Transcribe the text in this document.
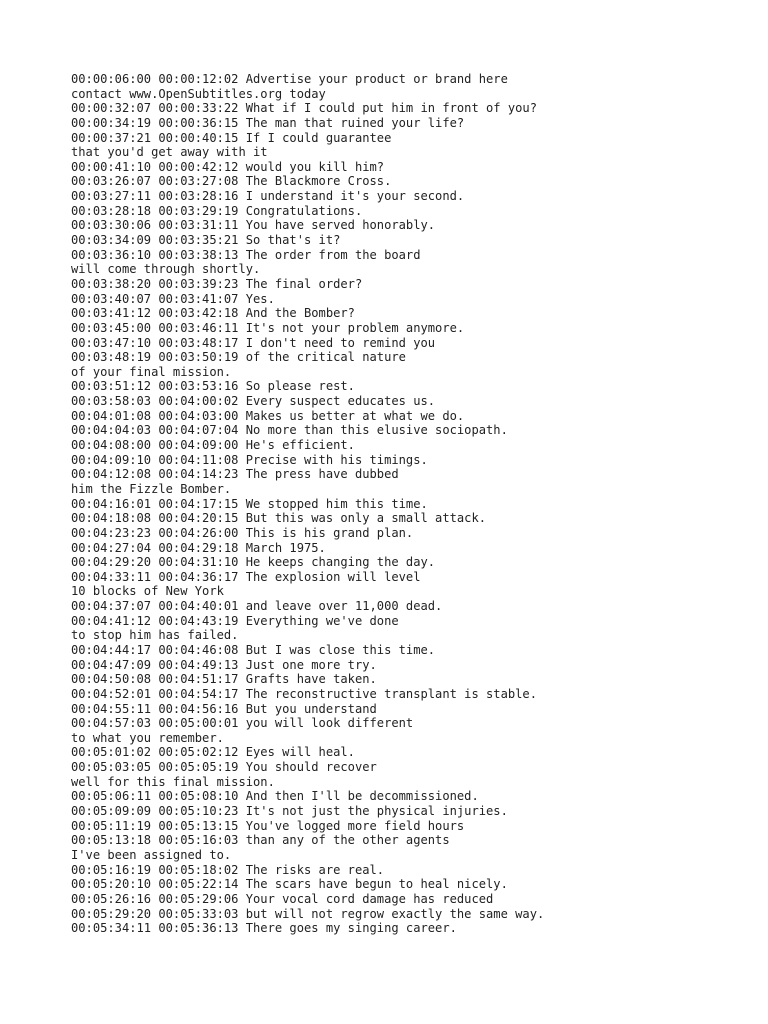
00:00:06:00 00:00:12:02 Advertise your product or brand here
contact www.OpenSubtitles.org today
00:00:32:07 00:00:33:22 What if I could put him in front of you?
00:00:34:19 00:00:36:15 The man that ruined your life?
00:00:37:21 00:00:40:15 If I could guarantee
that you'd get away with it
00:00:41:10 00:00:42:12 would you kill him?
00:03:26:07 00:03:27:08 The Blackmore Cross.
00:03:27:11 00:03:28:16 I understand it's your second.
00:03:28:18 00:03:29:19 Congratulations.
00:03:30:06 00:03:31:11 You have served honorably.
00:03:34:09 00:03:35:21 So that's it?
00:03:36:10 00:03:38:13 The order from the board
will come through shortly.
00:03:38:20 00:03:39:23 The final order?
00:03:40:07 00:03:41:07 Yes.
00:03:41:12 00:03:42:18 And the Bomber?
00:03:45:00 00:03:46:11 It's not your problem anymore.
00:03:47:10 00:03:48:17 I don't need to remind you
00:03:48:19 00:03:50:19 of the critical nature
of your final mission.
00:03:51:12 00:03:53:16 So please rest.
00:03:58:03 00:04:00:02 Every suspect educates us.
00:04:01:08 00:04:03:00 Makes us better at what we do.
00:04:04:03 00:04:07:04 No more than this elusive sociopath.
00:04:08:00 00:04:09:00 He's efficient.
00:04:09:10 00:04:11:08 Precise with his timings.
00:04:12:08 00:04:14:23 The press have dubbed
him the Fizzle Bomber.
00:04:16:01 00:04:17:15 We stopped him this time.
00:04:18:08 00:04:20:15 But this was only a small attack.
00:04:23:23 00:04:26:00 This is his grand plan.
00:04:27:04 00:04:29:18 March 1975.
00:04:29:20 00:04:31:10 He keeps changing the day.
00:04:33:11 00:04:36:17 The explosion will level
10 blocks of New York
00:04:37:07 00:04:40:01 and leave over 11,000 dead.
00:04:41:12 00:04:43:19 Everything we've done
to stop him has failed.
00:04:44:17 00:04:46:08 But I was close this time.
00:04:47:09 00:04:49:13 Just one more try.
00:04:50:08 00:04:51:17 Grafts have taken.
00:04:52:01 00:04:54:17 The reconstructive transplant is stable.
00:04:55:11 00:04:56:16 But you understand
00:04:57:03 00:05:00:01 you will look different
to what you remember.
00:05:01:02 00:05:02:12 Eyes will heal.
00:05:03:05 00:05:05:19 You should recover
well for this final mission.
00:05:06:11 00:05:08:10 And then I'll be decommissioned.
00:05:09:09 00:05:10:23 It's not just the physical injuries.
00:05:11:19 00:05:13:15 You've logged more field hours
00:05:13:18 00:05:16:03 than any of the other agents
I've been assigned to.
00:05:16:19 00:05:18:02 The risks are real.
00:05:20:10 00:05:22:14 The scars have begun to heal nicely.
00:05:26:16 00:05:29:06 Your vocal cord damage has reduced
00:05:29:20 00:05:33:03 but will not regrow exactly the same way.
00:05:34:11 00:05:36:13 There goes my singing career.
